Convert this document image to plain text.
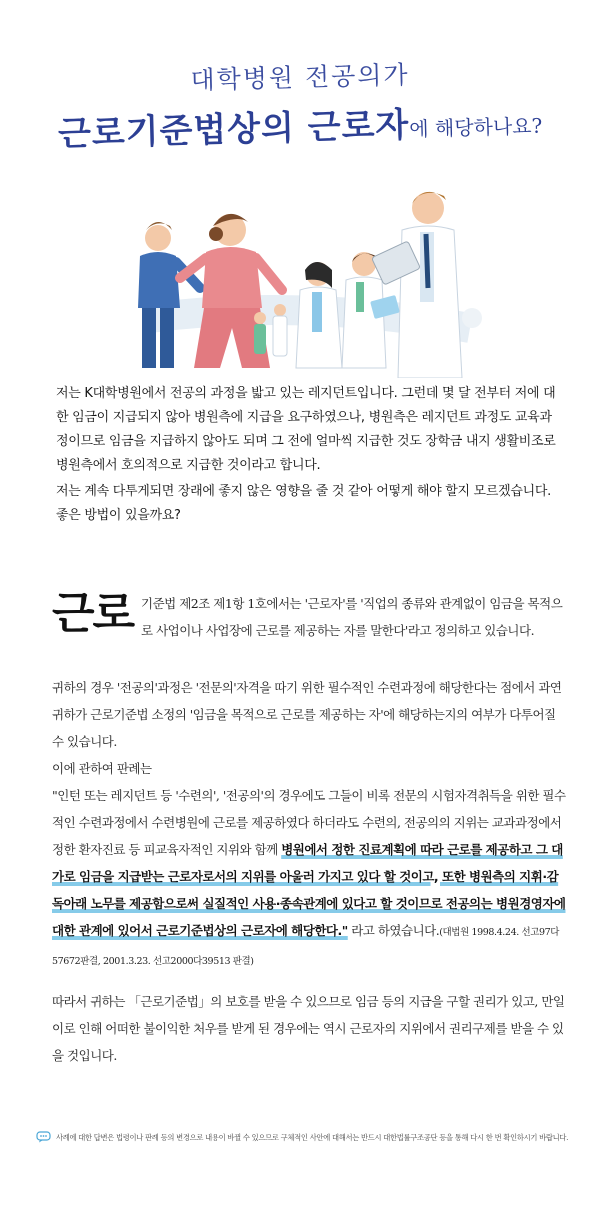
대학병원 전공의가
근로기준법상의 근로자에 해당하나요?

저는 K대학병원에서 전공의 과정을 밟고 있는 레지던트입니다. 그런데 몇 달 전부터 저에 대한 임금이 지급되지 않아 병원측에 지급을 요구하였으나, 병원측은 레지던트 과정도 교육과정이므로 임금을 지급하지 않아도 되며 그 전에 얼마씩 지급한 것도 장학금 내지 생활비조로 병원측에서 호의적으로 지급한 것이라고 합니다.

저는 계속 다투게되면 장래에 좋지 않은 영향을 줄 것 같아 어떻게 해야 할지 모르겠습니다. 좋은 방법이 있을까요?

근로 기준법 제2조 제1항 1호에서는 '근로자'를 '직업의 종류와 관계없이 임금을 목적으로 사업이나 사업장에 근로를 제공하는 자를 말한다'라고 정의하고 있습니다.

귀하의 경우 '전공의'과정은 '전문의'자격을 따기 위한 필수적인 수련과정에 해당한다는 점에서 과연 귀하가 근로기준법 소정의 '임금을 목적으로 근로를 제공하는 자'에 해당하는지의 여부가 다투어질 수 있습니다.

이에 관하여 판례는

"인턴 또는 레지던트 등 '수련의', '전공의'의 경우에도 그들이 비록 전문의 시험자격취득을 위한 필수적인 수련과정에서 수련병원에 근로를 제공하였다 하더라도 수련의, 전공의의 지위는 교과과정에서 정한 환자진료 등 피교육자적인 지위와 함께 병원에서 정한 진료계획에 따라 근로를 제공하고 그 대가로 임금을 지급받는 근로자로서의 지위를 아울러 가지고 있다 할 것이고, 또한 병원측의 지휘·감독아래 노무를 제공함으로써 실질적인 사용·종속관계에 있다고 할 것이므로 전공의는 병원경영자에 대한 관계에 있어서 근로기준법상의 근로자에 해당한다." 라고 하였습니다.(대법원 1998.4.24. 선고97다57672판결, 2001.3.23. 선고2000다39513 판결)

따라서 귀하는 「근로기준법」의 보호를 받을 수 있으므로 임금 등의 지급을 구할 권리가 있고, 만일 이로 인해 어떠한 불이익한 처우를 받게 된 경우에는 역시 근로자의 지위에서 권리구제를 받을 수 있을 것입니다.
사례에 대한 답변은 법령이나 판례 등의 변경으로 내용이 바뀔 수 있으므로 구체적인 사안에 대해서는 반드시 대한법률구조공단 등을 통해 다시 한 번 확인하시기 바랍니다.
